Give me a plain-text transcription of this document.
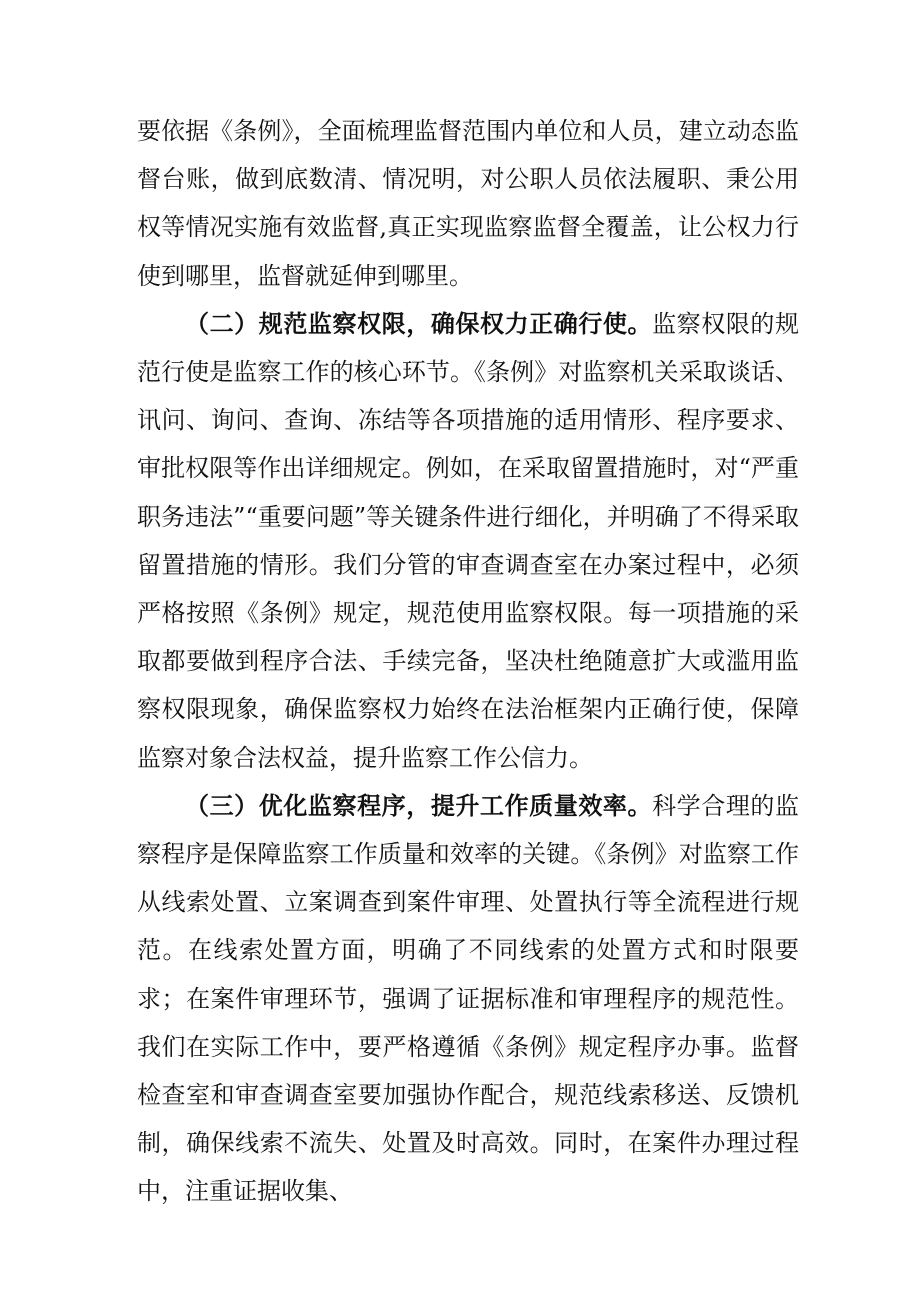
要依据《条例》，全面梳理监督范围内单位和人员，建立动态监督台账，做到底数清、情况明，对公职人员依法履职、秉公用权等情况实施有效监督,真正实现监察监督全覆盖，让公权力行使到哪里，监督就延伸到哪里。

（二）规范监察权限，确保权力正确行使。监察权限的规范行使是监察工作的核心环节。《条例》对监察机关采取谈话、讯问、询问、查询、冻结等各项措施的适用情形、程序要求、审批权限等作出详细规定。例如，在采取留置措施时，对“严重职务违法”“重要问题”等关键条件进行细化，并明确了不得采取留置措施的情形。我们分管的审查调查室在办案过程中，必须严格按照《条例》规定，规范使用监察权限。每一项措施的采取都要做到程序合法、手续完备，坚决杜绝随意扩大或滥用监察权限现象，确保监察权力始终在法治框架内正确行使，保障监察对象合法权益，提升监察工作公信力。

（三）优化监察程序，提升工作质量效率。科学合理的监察程序是保障监察工作质量和效率的关键。《条例》对监察工作从线索处置、立案调查到案件审理、处置执行等全流程进行规范。在线索处置方面，明确了不同线索的处置方式和时限要求；在案件审理环节，强调了证据标准和审理程序的规范性。我们在实际工作中，要严格遵循《条例》规定程序办事。监督检查室和审查调查室要加强协作配合，规范线索移送、反馈机制，确保线索不流失、处置及时高效。同时，在案件办理过程中，注重证据收集、
